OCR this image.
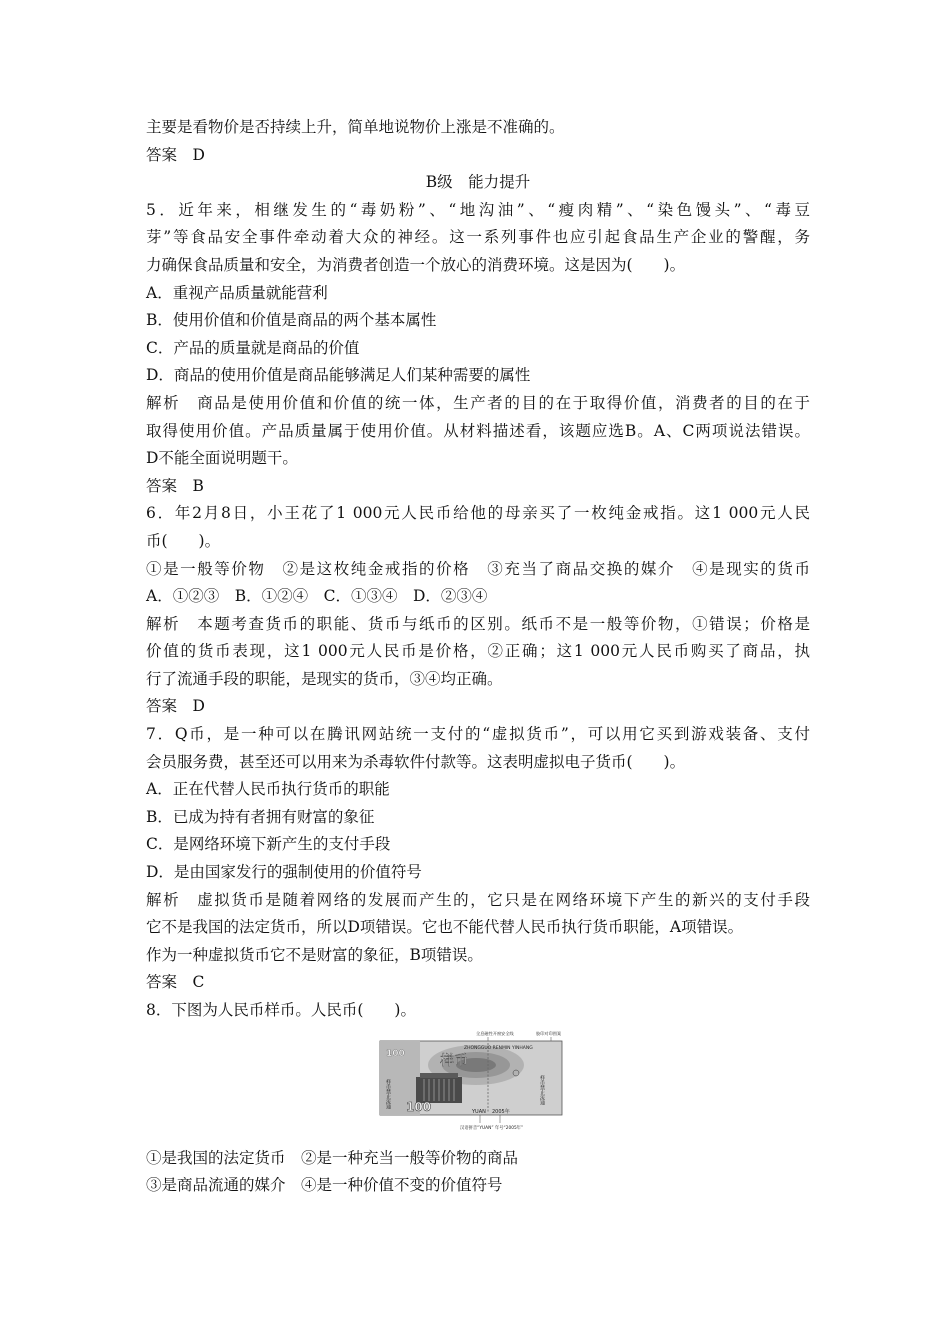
主要是看物价是否持续上升，简单地说物价上涨是不准确的。
答案　D
B级　能力提升
5．近年来，相继发生的“毒奶粉”、“地沟油”、“瘦肉精”、“染色馒头”、“毒豆
芽”等食品安全事件牵动着大众的神经。这一系列事件也应引起食品生产企业的警醒，务
力确保食品质量和安全，为消费者创造一个放心的消费环境。这是因为(　　)。
A．重视产品质量就能营利
B．使用价值和价值是商品的两个基本属性
C．产品的质量就是商品的价值
D．商品的使用价值是商品能够满足人们某种需要的属性
解析　商品是使用价值和价值的统一体，生产者的目的在于取得价值，消费者的目的在于
取得使用价值。产品质量属于使用价值。从材料描述看，该题应选B。A、C两项说法错误。
D不能全面说明题干。
答案　B
6．年2月8日，小王花了1 000元人民币给他的母亲买了一枚纯金戒指。这1 000元人民
币(　　)。
①是一般等价物　②是这枚纯金戒指的价格　③充当了商品交换的媒介　④是现实的货币
A．①②③　B．①②④　C．①③④　D．②③④
解析　本题考查货币的职能、货币与纸币的区别。纸币不是一般等价物，①错误；价格是
价值的货币表现，这1 000元人民币是价格，②正确；这1 000元人民币购买了商品，执
行了流通手段的职能，是现实的货币，③④均正确。
答案　D
7．Q币，是一种可以在腾讯网站统一支付的“虚拟货币”，可以用它买到游戏装备、支付
会员服务费，甚至还可以用来为杀毒软件付款等。这表明虚拟电子货币(　　)。
A．正在代替人民币执行货币的职能
B．已成为持有者拥有财富的象征
C．是网络环境下新产生的支付手段
D．是由国家发行的强制使用的价值符号
解析　虚拟货币是随着网络的发展而产生的，它只是在网络环境下产生的新兴的支付手段
它不是我国的法定货币，所以D项错误。它也不能代替人民币执行货币职能，A项错误。
作为一种虚拟货币它不是财富的象征，B项错误。
答案　C
8．下图为人民币样币。人民币(　　)。
全息磁性开窗安全线	胶印对印图案
100
ZHONGGUO RENMIN YINHANG
样币
样币禁止流通	样币禁止流通
100	YUAN 2005年
汉语拼音“YUAN” 年号“2005年”
①是我国的法定货币　②是一种充当一般等价物的商品
③是商品流通的媒介　④是一种价值不变的价值符号
